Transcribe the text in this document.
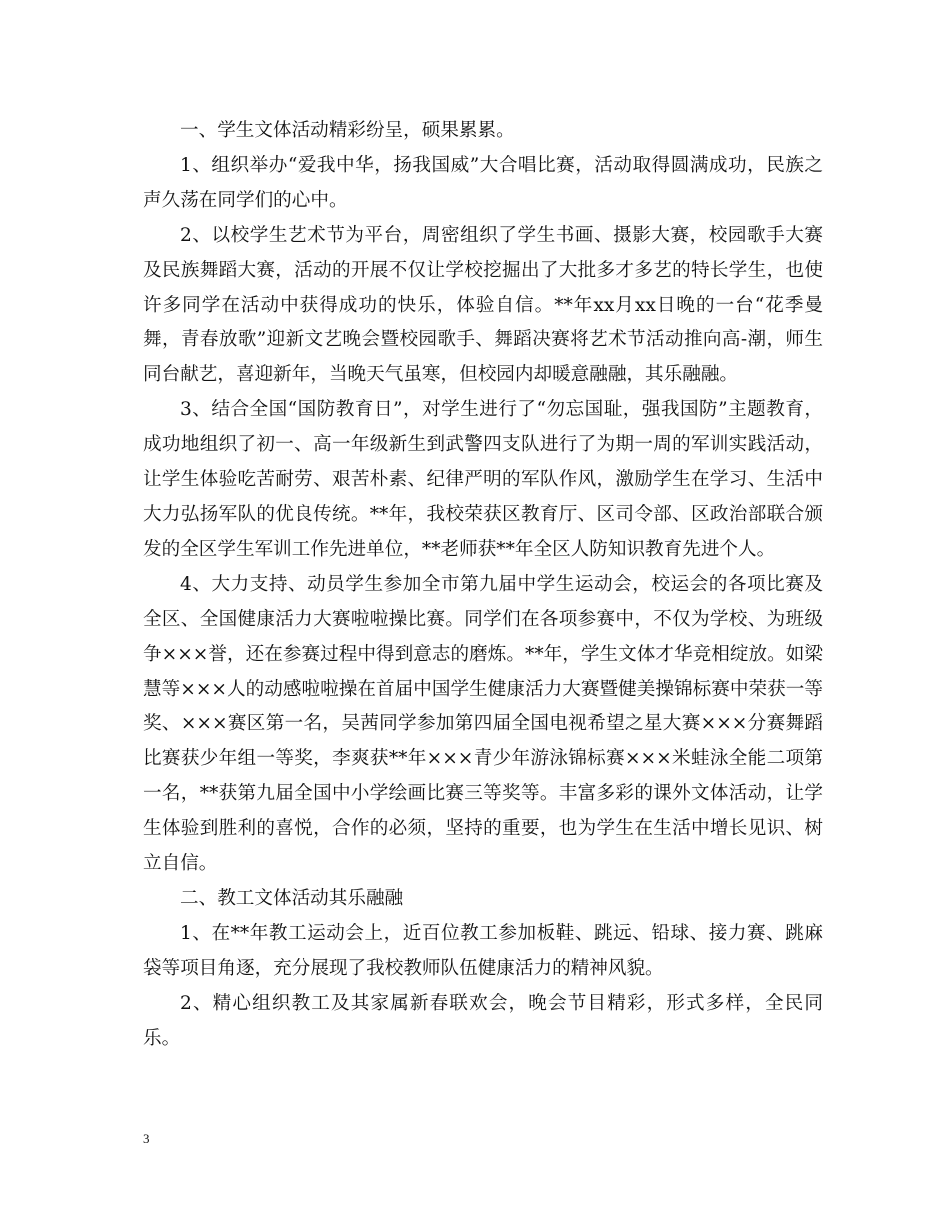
一、学生文体活动精彩纷呈，硕果累累。

1、组织举办“爱我中华，扬我国威”大合唱比赛，活动取得圆满成功，民族之声久荡在同学们的心中。

2、以校学生艺术节为平台，周密组织了学生书画、摄影大赛，校园歌手大赛及民族舞蹈大赛，活动的开展不仅让学校挖掘出了大批多才多艺的特长学生，也使许多同学在活动中获得成功的快乐，体验自信。**年xx月xx日晚的一台“花季曼舞，青春放歌”迎新文艺晚会暨校园歌手、舞蹈决赛将艺术节活动推向高-潮，师生同台献艺，喜迎新年，当晚天气虽寒，但校园内却暖意融融，其乐融融。

3、结合全国“国防教育日”，对学生进行了“勿忘国耻，强我国防”主题教育，成功地组织了初一、高一年级新生到武警四支队进行了为期一周的军训实践活动，让学生体验吃苦耐劳、艰苦朴素、纪律严明的军队作风，激励学生在学习、生活中大力弘扬军队的优良传统。**年，我校荣获区教育厅、区司令部、区政治部联合颁发的全区学生军训工作先进单位，**老师获**年全区人防知识教育先进个人。

4、大力支持、动员学生参加全市第九届中学生运动会，校运会的各项比赛及全区、全国健康活力大赛啦啦操比赛。同学们在各项参赛中，不仅为学校、为班级争×××誉，还在参赛过程中得到意志的磨炼。**年，学生文体才华竞相绽放。如梁慧等×××人的动感啦啦操在首届中国学生健康活力大赛暨健美操锦标赛中荣获一等奖、×××赛区第一名，吴茜同学参加第四届全国电视希望之星大赛×××分赛舞蹈比赛获少年组一等奖，李爽获**年×××青少年游泳锦标赛×××米蛙泳全能二项第一名，**获第九届全国中小学绘画比赛三等奖等。丰富多彩的课外文体活动，让学生体验到胜利的喜悦，合作的必须，坚持的重要，也为学生在生活中增长见识、树立自信。

二、教工文体活动其乐融融

1、在**年教工运动会上，近百位教工参加板鞋、跳远、铅球、接力赛、跳麻袋等项目角逐，充分展现了我校教师队伍健康活力的精神风貌。

2、精心组织教工及其家属新春联欢会，晚会节目精彩，形式多样，全民同乐。

3
